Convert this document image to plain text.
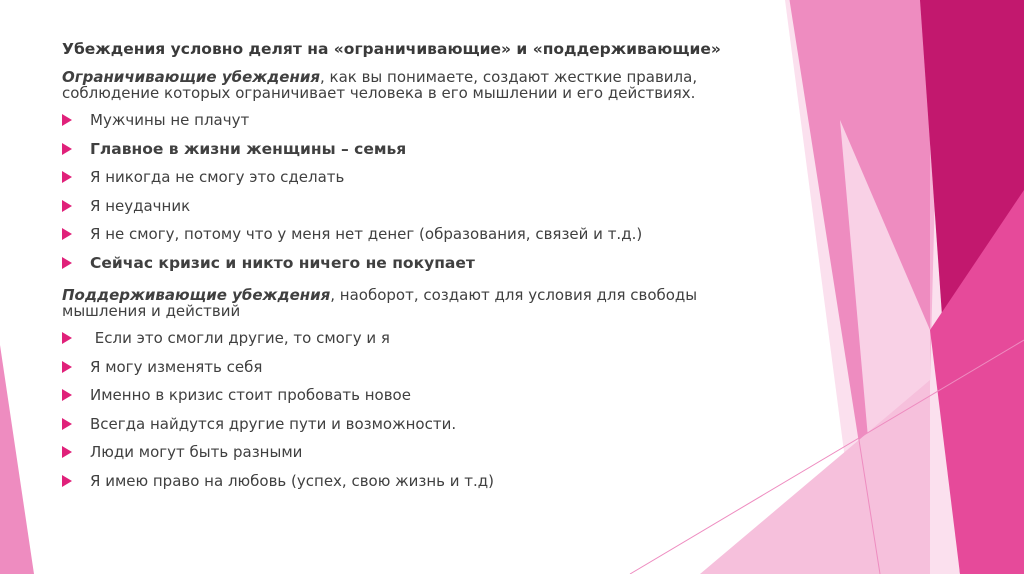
Убеждения условно делят на «ограничивающие» и «поддерживающие»

Ограничивающие убеждения, как вы понимаете, создают жесткие правила, соблюдение которых ограничивает человека в его мышлении и его действиях.

Мужчины не плачут
Главное в жизни женщины – семья
Я никогда не смогу это сделать
Я неудачник
Я не смогу, потому что у меня нет денег (образования, связей и т.д.)
Сейчас кризис и никто ничего не покупает

Поддерживающие убеждения, наоборот, создают для условия для свободы мышления и действий

Если это смогли другие, то смогу и я
Я могу изменять себя
Именно в кризис стоит пробовать новое
Всегда найдутся другие пути и возможности.
Люди могут быть разными
Я имею право на любовь (успех, свою жизнь и т.д)
